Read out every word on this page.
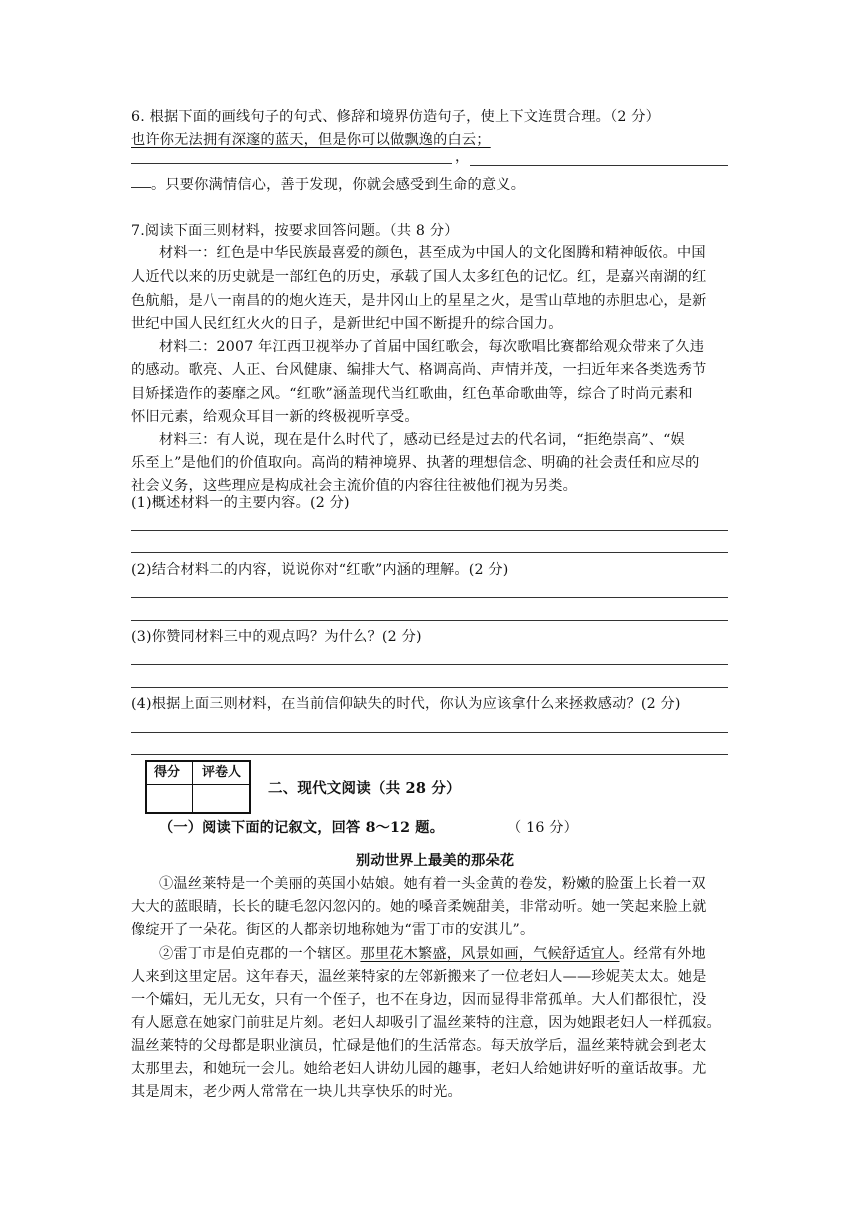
6. 根据下面的画线句子的句式、修辞和境界仿造句子，使上下文连贯合理。（2 分）
也许你无法拥有深邃的蓝天，但是你可以做飘逸的白云；
，
。只要你满情信心，善于发现，你就会感受到生命的意义。
7.阅读下面三则材料，按要求回答问题。（共 8 分）
材料一：红色是中华民族最喜爱的颜色，甚至成为中国人的文化图腾和精神皈依。中国
人近代以来的历史就是一部红色的历史，承载了国人太多红色的记忆。红，是嘉兴南湖的红
色航船，是八一南昌的的炮火连天，是井冈山上的星星之火，是雪山草地的赤胆忠心，是新
世纪中国人民红红火火的日子，是新世纪中国不断提升的综合国力。
材料二：2007 年江西卫视举办了首届中国红歌会，每次歌唱比赛都给观众带来了久违
的感动。歌亮、人正、台风健康、编排大气、格调高尚、声情并茂，一扫近年来各类选秀节
目矫揉造作的萎靡之风。“红歌”涵盖现代当红歌曲，红色革命歌曲等，综合了时尚元素和
怀旧元素，给观众耳目一新的终极视听享受。
材料三：有人说，现在是什么时代了，感动已经是过去的代名词，“拒绝崇高”、“娱
乐至上”是他们的价值取向。高尚的精神境界、执著的理想信念、明确的社会责任和应尽的
社会义务，这些理应是构成社会主流价值的内容往往被他们视为另类。
(1)概述材料一的主要内容。(2 分)
(2)结合材料二的内容，说说你对“红歌”内涵的理解。(2 分)
(3)你赞同材料三中的观点吗？为什么？(2 分)
(4)根据上面三则材料，在当前信仰缺失的时代，你认为应该拿什么来拯救感动？(2 分)
得分 评卷人
二、现代文阅读（共 28 分）
（一）阅读下面的记叙文，回答 8～12 题。	（ 16 分）
别动世界上最美的那朵花
①温丝莱特是一个美丽的英国小姑娘。她有着一头金黄的卷发，粉嫩的脸蛋上长着一双
大大的蓝眼睛，长长的睫毛忽闪忽闪的。她的嗓音柔婉甜美，非常动听。她一笑起来脸上就
像绽开了一朵花。街区的人都亲切地称她为“雷丁市的安淇儿”。
②雷丁市是伯克郡的一个辖区。那里花木繁盛，风景如画，气候舒适宜人。经常有外地
人来到这里定居。这年春天，温丝莱特家的左邻新搬来了一位老妇人——珍妮芙太太。她是
一个孀妇，无儿无女，只有一个侄子，也不在身边，因而显得非常孤单。大人们都很忙，没
有人愿意在她家门前驻足片刻。老妇人却吸引了温丝莱特的注意，因为她跟老妇人一样孤寂。
温丝莱特的父母都是职业演员，忙碌是他们的生活常态。每天放学后，温丝莱特就会到老太
太那里去，和她玩一会儿。她给老妇人讲幼儿园的趣事，老妇人给她讲好听的童话故事。尤
其是周末，老少两人常常在一块儿共享快乐的时光。
